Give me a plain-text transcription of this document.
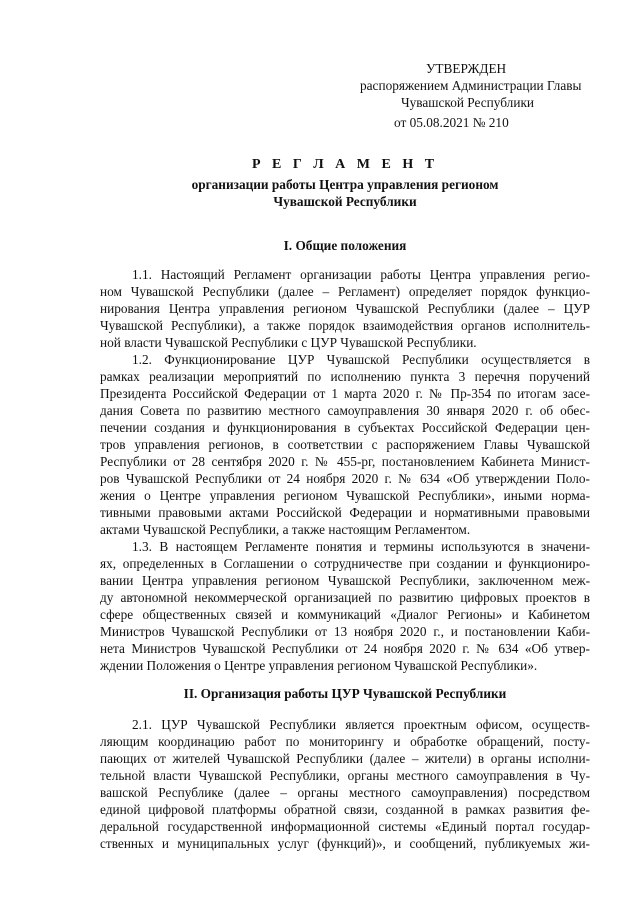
УТВЕРЖДЕН
распоряжением Администрации Главы
Чувашской Республики
от 05.08.2021 № 210
Р Е Г Л А М Е Н Т
организации работы Центра управления регионом
Чувашской Республики
I. Общие положения
1.1. Настоящий Регламент организации работы Центра управления регио-
ном Чувашской Республики (далее – Регламент) определяет порядок функцио-
нирования Центра управления регионом Чувашской Республики (далее – ЦУР
Чувашской Республики), а также порядок взаимодействия органов исполнитель-
ной власти Чувашской Республики с ЦУР Чувашской Республики.
1.2. Функционирование ЦУР Чувашской Республики осуществляется в
рамках реализации мероприятий по исполнению пункта 3 перечня поручений
Президента Российской Федерации от 1 марта 2020 г. № Пр-354 по итогам засе-
дания Совета по развитию местного самоуправления 30 января 2020 г. об обес-
печении создания и функционирования в субъектах Российской Федерации цен-
тров управления регионов, в соответствии с распоряжением Главы Чувашской
Республики от 28 сентября 2020 г. № 455-рг, постановлением Кабинета Минист-
ров Чувашской Республики от 24 ноября 2020 г. № 634 «Об утверждении Поло-
жения о Центре управления регионом Чувашской Республики», иными норма-
тивными правовыми актами Российской Федерации и нормативными правовыми
актами Чувашской Республики, а также настоящим Регламентом.
1.3. В настоящем Регламенте понятия и термины используются в значени-
ях, определенных в Соглашении о сотрудничестве при создании и функциониро-
вании Центра управления регионом Чувашской Республики, заключенном меж-
ду автономной некоммерческой организацией по развитию цифровых проектов в
сфере общественных связей и коммуникаций «Диалог Регионы» и Кабинетом
Министров Чувашской Республики от 13 ноября 2020 г., и постановлении Каби-
нета Министров Чувашской Республики от 24 ноября 2020 г. № 634 «Об утвер-
ждении Положения о Центре управления регионом Чувашской Республики».
II. Организация работы ЦУР Чувашской Республики
2.1. ЦУР Чувашской Республики является проектным офисом, осуществ-
ляющим координацию работ по мониторингу и обработке обращений, посту-
пающих от жителей Чувашской Республики (далее – жители) в органы исполни-
тельной власти Чувашской Республики, органы местного самоуправления в Чу-
вашской Республике (далее – органы местного самоуправления) посредством
единой цифровой платформы обратной связи, созданной в рамках развития фе-
деральной государственной информационной системы «Единый портал государ-
ственных и муниципальных услуг (функций)», и сообщений, публикуемых жи-
